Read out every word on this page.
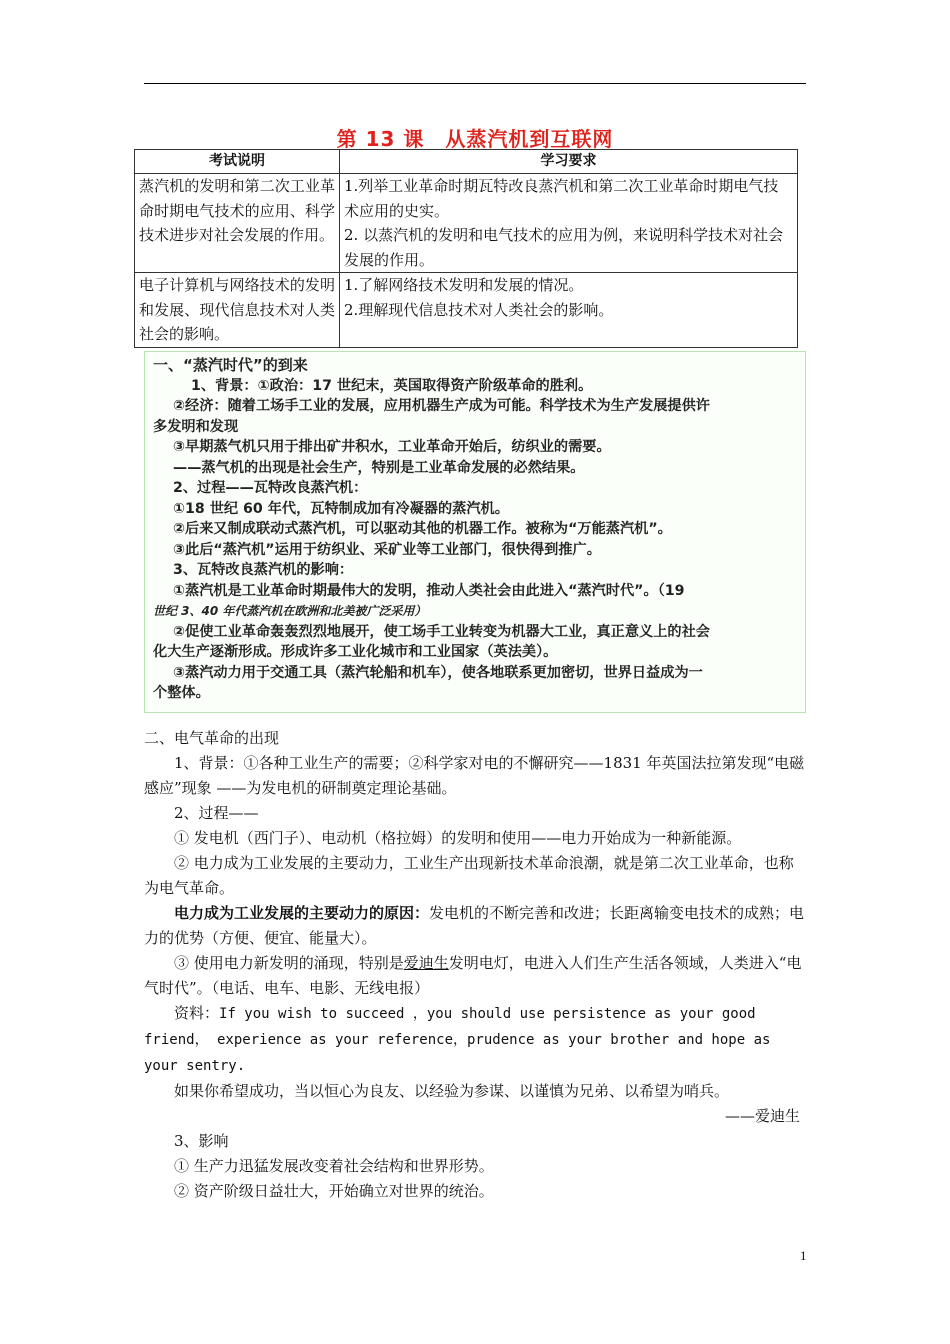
第 13 课　从蒸汽机到互联网
考试说明	学习要求
蒸汽机的发明和第二次工业革命时期电气技术的应用、科学技术进步对社会发展的作用。	1.列举工业革命时期瓦特改良蒸汽机和第二次工业革命时期电气技术应用的史实。
2. 以蒸汽机的发明和电气技术的应用为例，来说明科学技术对社会发展的作用。

电子计算机与网络技术的发明和发展、现代信息技术对人类社会的影响。	1.了解网络技术发明和发展的情况。
2.理解现代信息技术对人类社会的影响。
一、“蒸汽时代”的到来
1、背景：①政治：17 世纪末，英国取得资产阶级革命的胜利。
②经济：随着工场手工业的发展，应用机器生产成为可能。科学技术为生产发展提供许
多发明和发现
③早期蒸气机只用于排出矿井积水，工业革命开始后，纺织业的需要。
——蒸气机的出现是社会生产，特别是工业革命发展的必然结果。
2、过程——瓦特改良蒸汽机：
①18 世纪 60 年代，瓦特制成加有冷凝器的蒸汽机。
②后来又制成联动式蒸汽机，可以驱动其他的机器工作。被称为“万能蒸汽机”。
③此后“蒸汽机”运用于纺织业、采矿业等工业部门，很快得到推广。
3、瓦特改良蒸汽机的影响：
①蒸汽机是工业革命时期最伟大的发明，推动人类社会由此进入“蒸汽时代”。（19
世纪 3、40 年代蒸汽机在欧洲和北美被广泛采用）
②促使工业革命轰轰烈烈地展开，使工场手工业转变为机器大工业，真正意义上的社会
化大生产逐渐形成。形成许多工业化城市和工业国家（英法美）。
③蒸汽动力用于交通工具（蒸汽轮船和机车），使各地联系更加密切，世界日益成为一
个整体。

二、电气革命的出现

1、背景：①各种工业生产的需要；②科学家对电的不懈研究——1831 年英国法拉第发现“电磁感应”现象 ——为发电机的研制奠定理论基础。

2、过程——

① 发电机（西门子）、电动机（格拉姆）的发明和使用——电力开始成为一种新能源。

② 电力成为工业发展的主要动力，工业生产出现新技术革命浪潮，就是第二次工业革命，也称为电气革命。

电力成为工业发展的主要动力的原因：发电机的不断完善和改进；长距离输变电技术的成熟；电力的优势（方便、便宜、能量大）。

③ 使用电力新发明的涌现，特别是爱迪生发明电灯，电进入人们生产生活各领域，人类进入“电气时代”。（电话、电车、电影、无线电报）

资料：If you wish to succeed ，you should use persistence as your good friend， experience as your reference，prudence as your brother and hope as your sentry.

如果你希望成功，当以恒心为良友、以经验为参谋、以谨慎为兄弟、以希望为哨兵。

——爱迪生

3、影响

① 生产力迅猛发展改变着社会结构和世界形势。

② 资产阶级日益壮大，开始确立对世界的统治。

1
